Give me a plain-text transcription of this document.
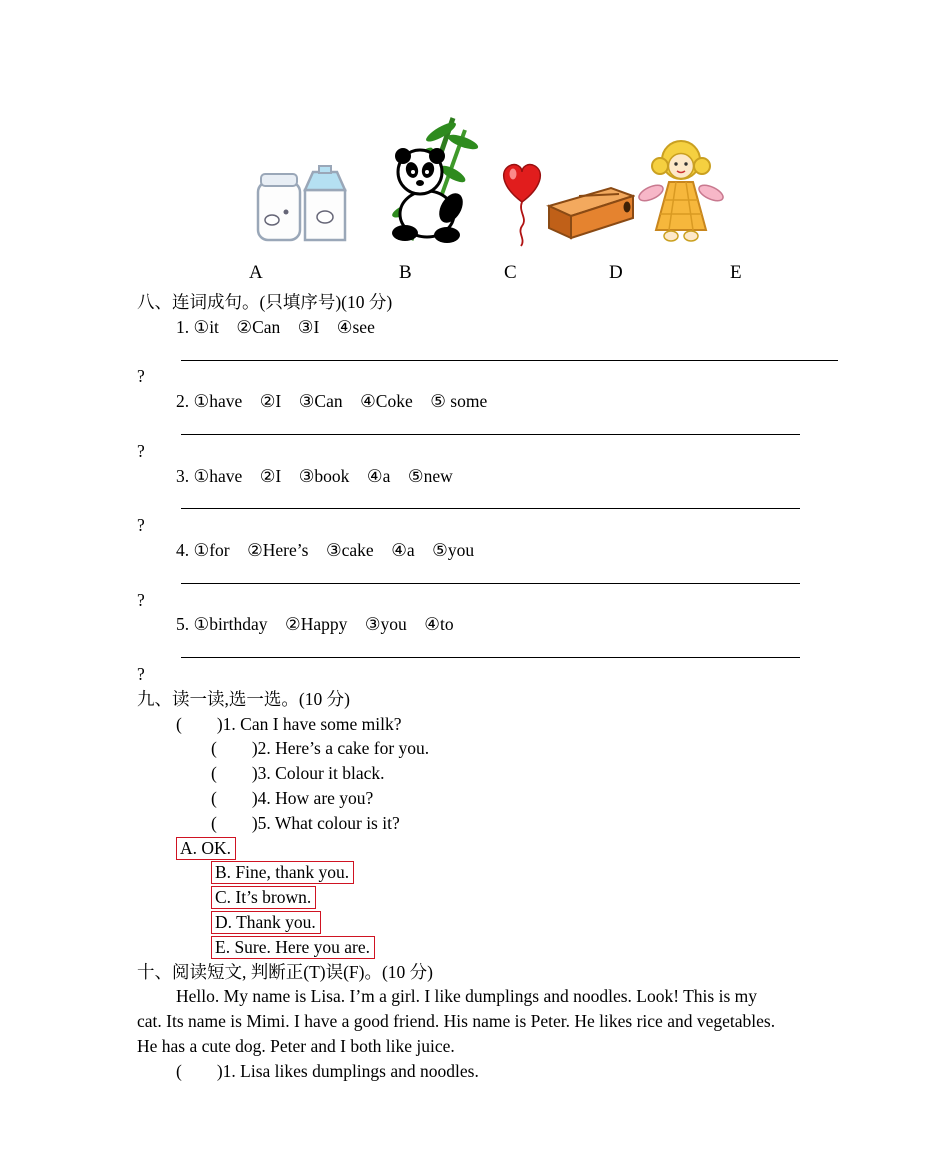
A	B	C	D	E
八、连词成句。(只填序号)(10 分)
1. ①it　②Can　③I　④see
?
2. ①have　②I　③Can　④Coke　⑤ some
?
3. ①have　②I　③book　④a　⑤new
?
4. ①for　②Here’s　③cake　④a　⑤you
?
5. ①birthday　②Happy　③you　④to
?
九、读一读,选一选。(10 分)
(        )1. Can I have some milk?
(        )2. Here’s a cake for you.
(        )3. Colour it black.
(        )4. How are you?
(        )5. What colour is it?
A. OK.
B. Fine, thank you.
C. It’s brown.
D. Thank you.
E. Sure. Here you are.
十、阅读短文, 判断正(T)误(F)。(10 分)
Hello. My name is Lisa. I’m a girl. I like dumplings and noodles. Look! This is my
cat. Its name is Mimi. I have a good friend. His name is Peter. He likes rice and vegetables.
He has a cute dog. Peter and I both like juice.
(        )1. Lisa likes dumplings and noodles.
